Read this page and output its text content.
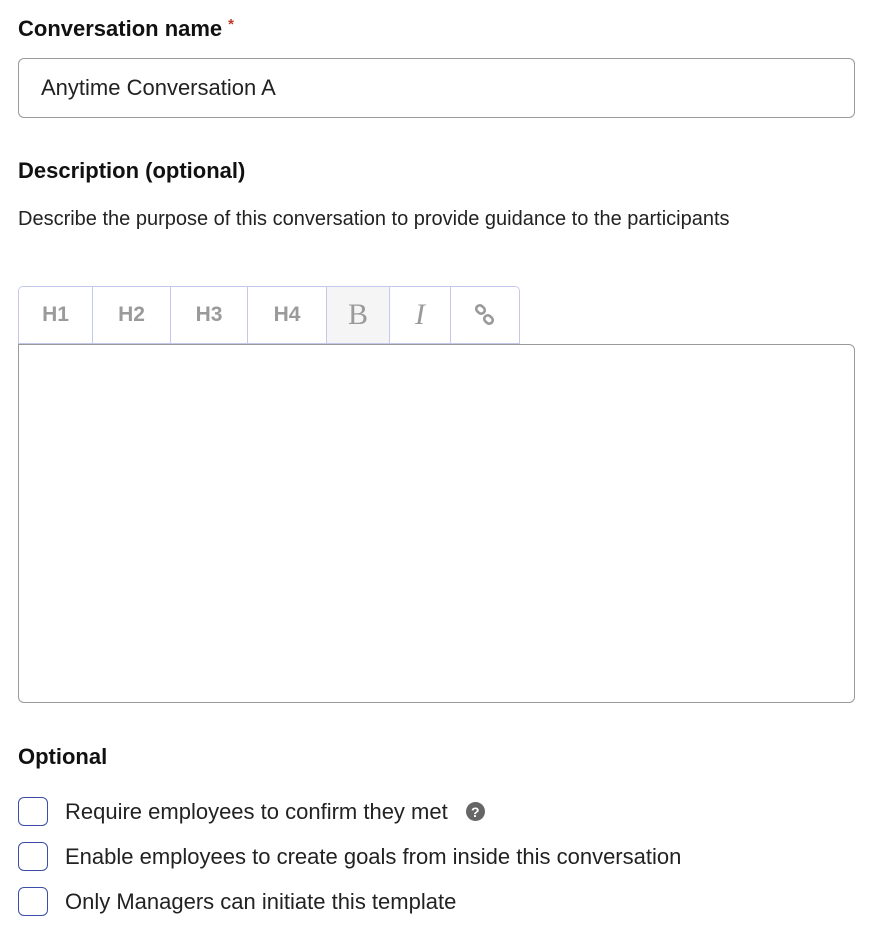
Conversation name *
Anytime Conversation A
Description (optional)
Describe the purpose of this conversation to provide guidance to the participants
H1	H2	H3	H4	B	I
Optional
Require employees to confirm they met	?
Enable employees to create goals from inside this conversation
Only Managers can initiate this template
